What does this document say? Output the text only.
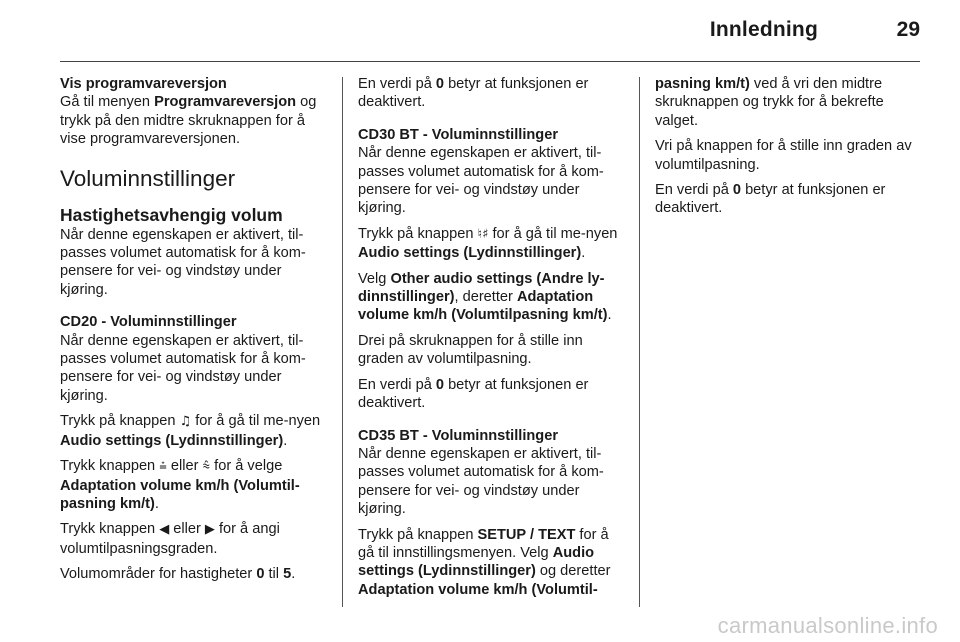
Innledning	29

Vis programvareversjon

Gå til menyen Programvareversjon og trykk på den midtre skruknappen for å vise programvareversjonen.

Voluminnstillinger
Hastighetsavhengig volum

Når denne egenskapen er aktivert, til-passes volumet automatisk for å kom-pensere for vei- og vindstøy under kjøring.

CD20 - Voluminnstillinger

Når denne egenskapen er aktivert, til-passes volumet automatisk for å kom-pensere for vei- og vindstøy under kjøring.

Trykk på knappen ♫ for å gå til me-nyen Audio settings (Lydinnstillinger).

Trykk knappen ⩮ eller ⩯ for å velge Adaptation volume km/h (Volumtil-pasning km/t).

Trykk knappen ◀ eller ▶ for å angi volumtilpasningsgraden.

Volumområder for hastigheter 0 til 5.

En verdi på 0 betyr at funksjonen er deaktivert.

CD30 BT - Voluminnstillinger

Når denne egenskapen er aktivert, til-passes volumet automatisk for å kom-pensere for vei- og vindstøy under kjøring.

Trykk på knappen ♮♯ for å gå til me-nyen Audio settings (Lydinnstillinger).

Velg Other audio settings (Andre ly-dinnstillinger), deretter Adaptation volume km/h (Volumtilpasning km/t).

Drei på skruknappen for å stille inn graden av volumtilpasning.

En verdi på 0 betyr at funksjonen er deaktivert.

CD35 BT - Voluminnstillinger

Når denne egenskapen er aktivert, til-passes volumet automatisk for å kom-pensere for vei- og vindstøy under kjøring.

Trykk på knappen SETUP / TEXT for å gå til innstillingsmenyen. Velg Audio settings (Lydinnstillinger) og deretter Adaptation volume km/h (Volumtil-

pasning km/t) ved å vri den midtre skruknappen og trykk for å bekrefte valget.

Vri på knappen for å stille inn graden av volumtilpasning.

En verdi på 0 betyr at funksjonen er deaktivert.

carmanualsonline.info
